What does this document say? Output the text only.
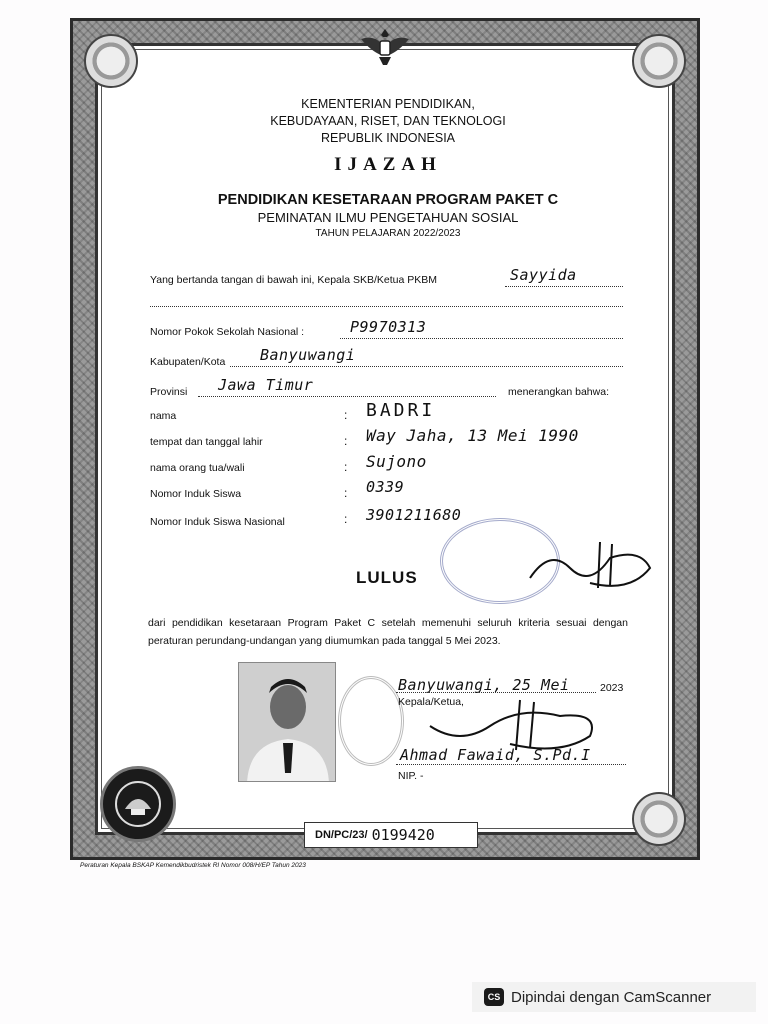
KEMENTERIAN PENDIDIKAN,
KEBUDAYAAN, RISET, DAN TEKNOLOGI
REPUBLIK INDONESIA
IJAZAH
PENDIDIKAN KESETARAAN PROGRAM PAKET C
PEMINATAN ILMU PENGETAHUAN SOSIAL
TAHUN PELAJARAN 2022/2023
Yang bertanda tangan di bawah ini, Kepala SKB/Ketua PKBM	Sayyida
Nomor Pokok Sekolah Nasional :	P9970313
Kabupaten/Kota Banyuwangi
Provinsi Jawa Timur	menerangkan bahwa:
nama	: BADRI
tempat dan tanggal lahir	: Way Jaha, 13 Mei 1990
nama orang tua/wali	: Sujono
Nomor Induk Siswa	: 0339
Nomor Induk Siswa Nasional	: 3901211680
LULUS
dari pendidikan kesetaraan Program Paket C setelah memenuhi seluruh kriteria sesuai dengan peraturan perundang-undangan yang diumumkan pada tanggal 5 Mei 2023.
Banyuwangi, 25 Mei	2023
Kepala/Ketua,
Ahmad Fawaid, S.Pd.I
NIP. -
DN/PC/23/ 0199420
Peraturan Kepala BSKAP Kemendikbudristek RI Nomor 008/H/EP Tahun 2023
CS Dipindai dengan CamScanner
